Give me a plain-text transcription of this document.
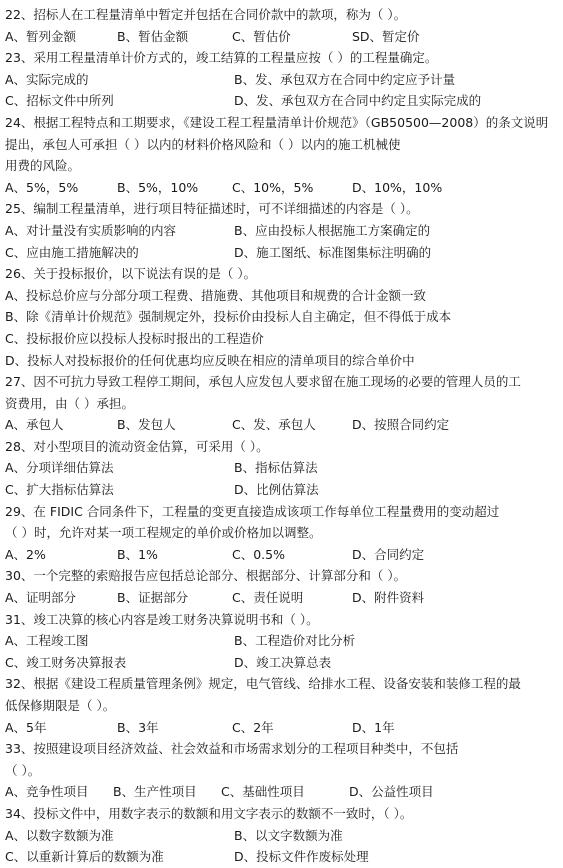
22、招标人在工程量清单中暂定并包括在合同价款中的款项，称为（ ）。
A、暂列金额	B、暂估金额	C、暂估价	SD、暂定价
23、采用工程量清单计价方式的，竣工结算的工程量应按（ ）的工程量确定。
A、实际完成的	B、发、承包双方在合同中约定应予计量
C、招标文件中所列	D、发、承包双方在合同中约定且实际完成的
24、根据工程特点和工期要求，《建设工程工程量清单计价规范》（GB50500—2008）的条文说明
提出，承包人可承担（ ）以内的材料价格风险和（ ）以内的施工机械使
用费的风险。
A、5%，5%	B、5%，10%	C、10%，5%	D、10%，10%
25、编制工程量清单，进行项目特征描述时，可不详细描述的内容是（ ）。
A、对计量没有实质影响的内容	B、应由投标人根据施工方案确定的
C、应由施工措施解决的	D、施工图纸、标准图集标注明确的
26、关于投标报价，以下说法有误的是（ ）。
A、投标总价应与分部分项工程费、措施费、其他项目和规费的合计金额一致
B、除《清单计价规范》强制规定外，投标价由投标人自主确定，但不得低于成本
C、投标报价应以投标人投标时报出的工程造价
D、投标人对投标报价的任何优惠均应反映在相应的清单项目的综合单价中
27、因不可抗力导致工程停工期间，承包人应发包人要求留在施工现场的必要的管理人员的工
资费用，由（ ）承担。
A、承包人	B、发包人	C、发、承包人	D、按照合同约定
28、对小型项目的流动资金估算，可采用（ ）。
A、分项详细估算法	B、指标估算法
C、扩大指标估算法	D、比例估算法
29、在 FIDIC 合同条件下，工程量的变更直接造成该项工作每单位工程量费用的变动超过
（ ）时，允许对某一项工程规定的单价或价格加以调整。
A、2%	B、1%	C、0.5%	D、合同约定
30、一个完整的索赔报告应包括总论部分、根据部分、计算部分和（ ）。
A、证明部分	B、证据部分	C、责任说明	D、附件资料
31、竣工决算的核心内容是竣工财务决算说明书和（ ）。
A、工程竣工图	B、工程造价对比分析
C、竣工财务决算报表	D、竣工决算总表
32、根据《建设工程质量管理条例》规定，电气管线、给排水工程、设备安装和装修工程的最
低保修期限是（ ）。
A、5年	B、3年	C、2年	D、1年
33、按照建设项目经济效益、社会效益和市场需求划分的工程项目种类中，不包括
（ ）。
A、竞争性项目	B、生产性项目	C、基础性项目	D、公益性项目
34、投标文件中，用数字表示的数额和用文字表示的数额不一致时，（ ）。
A、以数字数额为准	B、以文字数额为准
C、以重新计算后的数额为准	D、投标文件作废标处理
